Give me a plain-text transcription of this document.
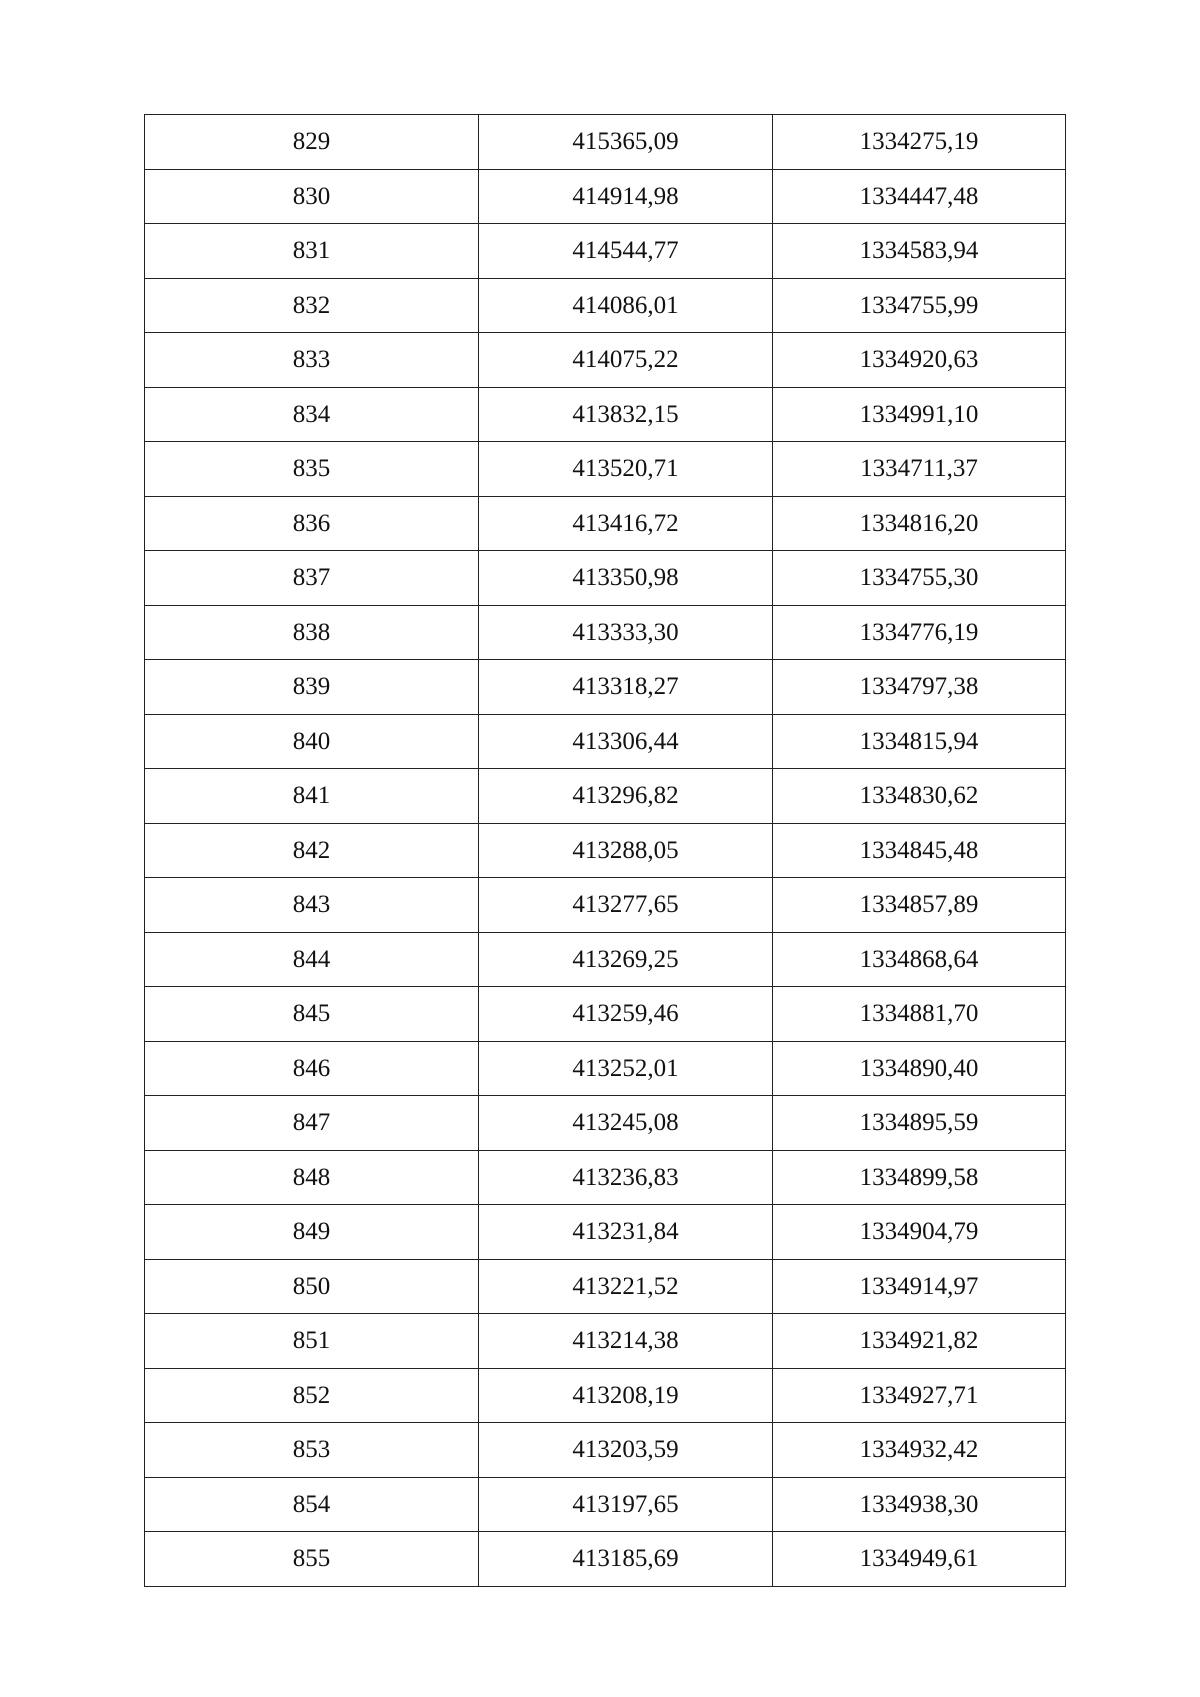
829	415365,09	1334275,19
830	414914,98	1334447,48
831	414544,77	1334583,94
832	414086,01	1334755,99
833	414075,22	1334920,63
834	413832,15	1334991,10
835	413520,71	1334711,37
836	413416,72	1334816,20
837	413350,98	1334755,30
838	413333,30	1334776,19
839	413318,27	1334797,38
840	413306,44	1334815,94
841	413296,82	1334830,62
842	413288,05	1334845,48
843	413277,65	1334857,89
844	413269,25	1334868,64
845	413259,46	1334881,70
846	413252,01	1334890,40
847	413245,08	1334895,59
848	413236,83	1334899,58
849	413231,84	1334904,79
850	413221,52	1334914,97
851	413214,38	1334921,82
852	413208,19	1334927,71
853	413203,59	1334932,42
854	413197,65	1334938,30
855	413185,69	1334949,61
